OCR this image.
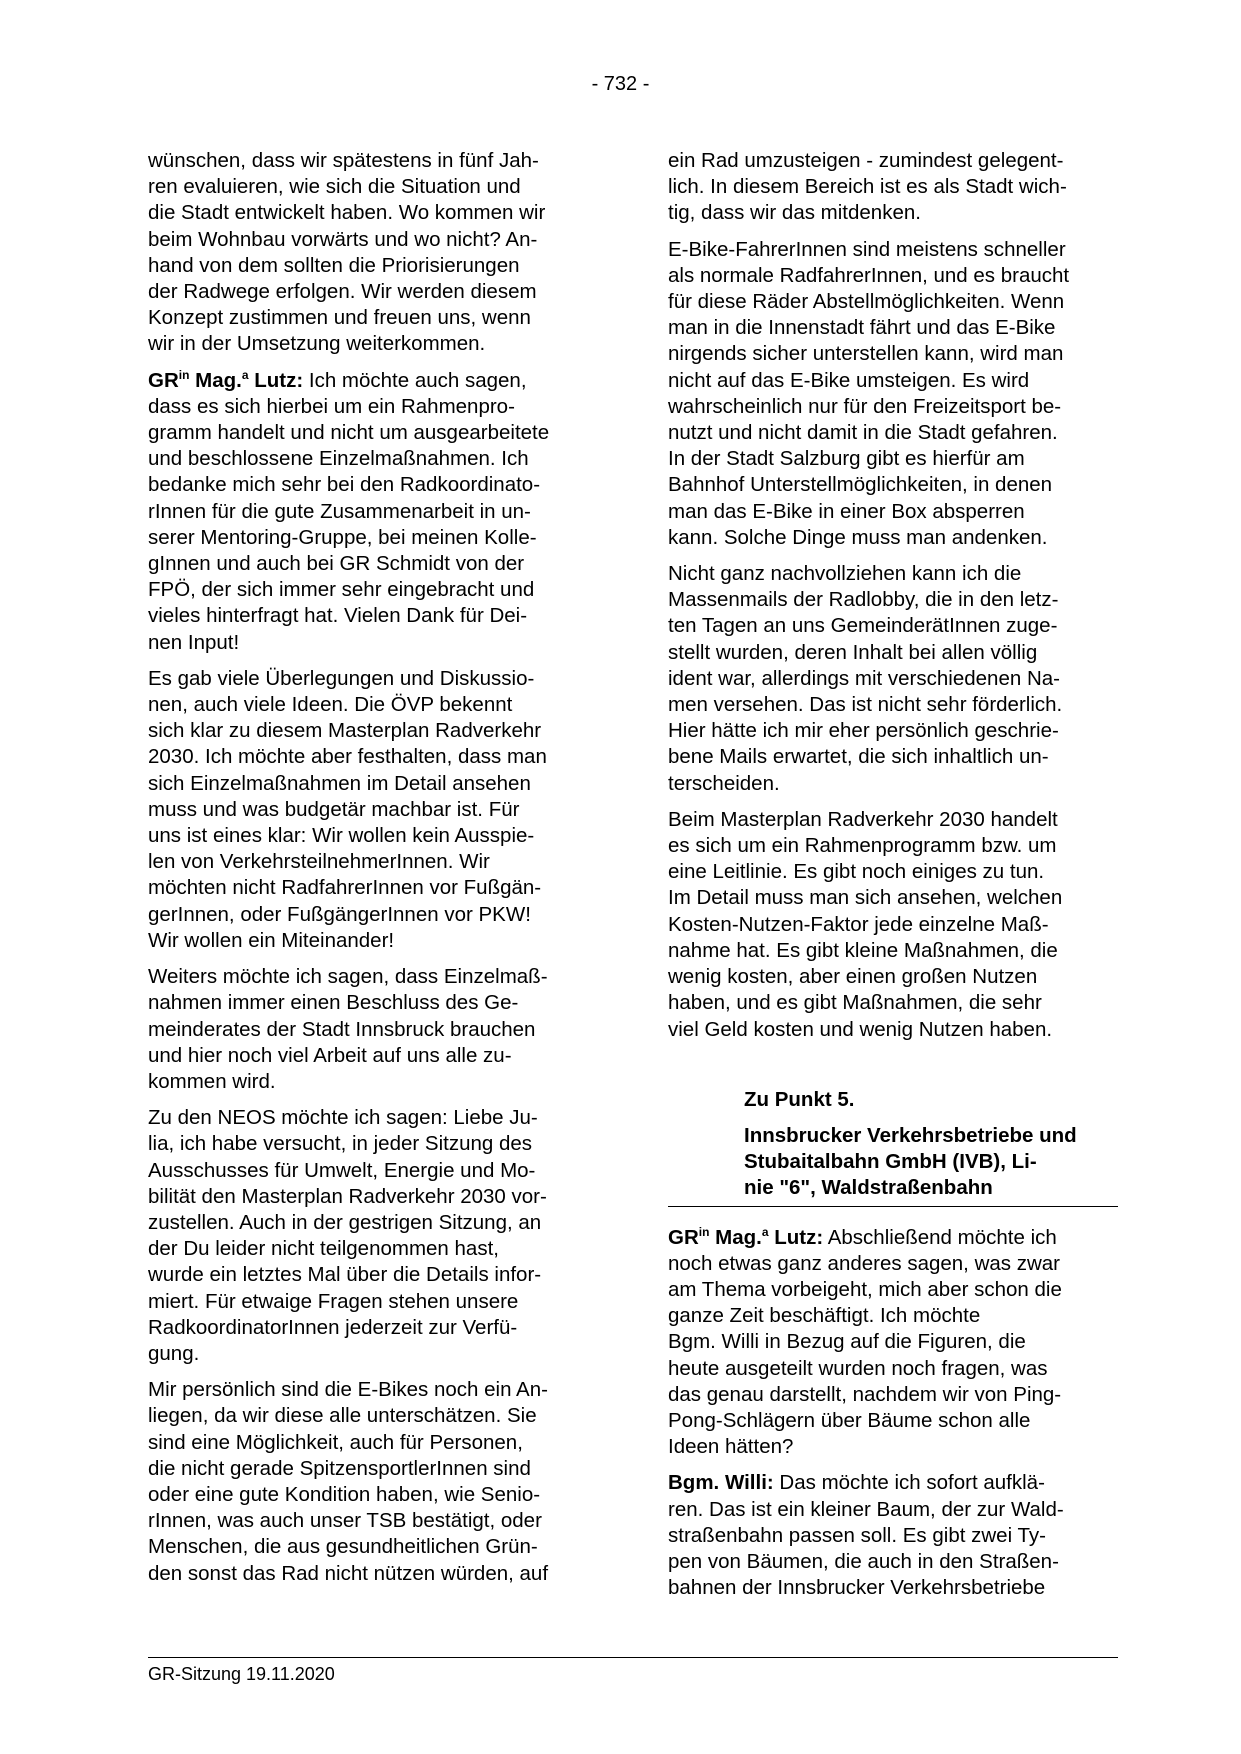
- 732 -

wünschen, dass wir spätestens in fünf Jah-
ren evaluieren, wie sich die Situation und
die Stadt entwickelt haben. Wo kommen wir
beim Wohnbau vorwärts und wo nicht? An-
hand von dem sollten die Priorisierungen
der Radwege erfolgen. Wir werden diesem
Konzept zustimmen und freuen uns, wenn
wir in der Umsetzung weiterkommen.

$GR^{in}$ Mag.$^a$ Lutz: Ich möchte auch sagen,
dass es sich hierbei um ein Rahmenpro-
gramm handelt und nicht um ausgearbeitete
und beschlossene Einzelmaßnahmen. Ich
bedanke mich sehr bei den Radkoordinato-
rInnen für die gute Zusammenarbeit in un-
serer Mentoring-Gruppe, bei meinen Kolle-
gInnen und auch bei GR Schmidt von der
FPÖ, der sich immer sehr eingebracht und
vieles hinterfragt hat. Vielen Dank für Dei-
nen Input!

Es gab viele Überlegungen und Diskussio-
nen, auch viele Ideen. Die ÖVP bekennt
sich klar zu diesem Masterplan Radverkehr
2030. Ich möchte aber festhalten, dass man
sich Einzelmaßnahmen im Detail ansehen
muss und was budgetär machbar ist. Für
uns ist eines klar: Wir wollen kein Ausspie-
len von VerkehrsteilnehmerInnen. Wir
möchten nicht RadfahrerInnen vor Fußgän-
gerInnen, oder FußgängerInnen vor PKW!
Wir wollen ein Miteinander!

Weiters möchte ich sagen, dass Einzelmaß-
nahmen immer einen Beschluss des Ge-
meinderates der Stadt Innsbruck brauchen
und hier noch viel Arbeit auf uns alle zu-
kommen wird.

Zu den NEOS möchte ich sagen: Liebe Ju-
lia, ich habe versucht, in jeder Sitzung des
Ausschusses für Umwelt, Energie und Mo-
bilität den Masterplan Radverkehr 2030 vor-
zustellen. Auch in der gestrigen Sitzung, an
der Du leider nicht teilgenommen hast,
wurde ein letztes Mal über die Details infor-
miert. Für etwaige Fragen stehen unsere
RadkoordinatorInnen jederzeit zur Verfü-
gung.

Mir persönlich sind die E-Bikes noch ein An-
liegen, da wir diese alle unterschätzen. Sie
sind eine Möglichkeit, auch für Personen,
die nicht gerade SpitzensportlerInnen sind
oder eine gute Kondition haben, wie Senio-
rInnen, was auch unser TSB bestätigt, oder
Menschen, die aus gesundheitlichen Grün-
den sonst das Rad nicht nützen würden, auf

ein Rad umzusteigen - zumindest gelegent-
lich. In diesem Bereich ist es als Stadt wich-
tig, dass wir das mitdenken.

E-Bike-FahrerInnen sind meistens schneller
als normale RadfahrerInnen, und es braucht
für diese Räder Abstellmöglichkeiten. Wenn
man in die Innenstadt fährt und das E-Bike
nirgends sicher unterstellen kann, wird man
nicht auf das E-Bike umsteigen. Es wird
wahrscheinlich nur für den Freizeitsport be-
nutzt und nicht damit in die Stadt gefahren.
In der Stadt Salzburg gibt es hierfür am
Bahnhof Unterstellmöglichkeiten, in denen
man das E-Bike in einer Box absperren
kann. Solche Dinge muss man andenken.

Nicht ganz nachvollziehen kann ich die
Massenmails der Radlobby, die in den letz-
ten Tagen an uns GemeinderätInnen zuge-
stellt wurden, deren Inhalt bei allen völlig
ident war, allerdings mit verschiedenen Na-
men versehen. Das ist nicht sehr förderlich.
Hier hätte ich mir eher persönlich geschrie-
bene Mails erwartet, die sich inhaltlich un-
terscheiden.

Beim Masterplan Radverkehr 2030 handelt
es sich um ein Rahmenprogramm bzw. um
eine Leitlinie. Es gibt noch einiges zu tun.
Im Detail muss man sich ansehen, welchen
Kosten-Nutzen-Faktor jede einzelne Maß-
nahme hat. Es gibt kleine Maßnahmen, die
wenig kosten, aber einen großen Nutzen
haben, und es gibt Maßnahmen, die sehr
viel Geld kosten und wenig Nutzen haben.

Zu Punkt 5.

Innsbrucker Verkehrsbetriebe und
Stubaitalbahn GmbH (IVB), Li-
nie "6", Waldstraßenbahn

$GR^{in}$ Mag.$^a$ Lutz: Abschließend möchte ich
noch etwas ganz anderes sagen, was zwar
am Thema vorbeigeht, mich aber schon die
ganze Zeit beschäftigt. Ich möchte
Bgm. Willi in Bezug auf die Figuren, die
heute ausgeteilt wurden noch fragen, was
das genau darstellt, nachdem wir von Ping-
Pong-Schlägern über Bäume schon alle
Ideen hätten?

Bgm. Willi: Das möchte ich sofort aufklä-
ren. Das ist ein kleiner Baum, der zur Wald-
straßenbahn passen soll. Es gibt zwei Ty-
pen von Bäumen, die auch in den Straßen-
bahnen der Innsbrucker Verkehrsbetriebe

GR-Sitzung 19.11.2020
